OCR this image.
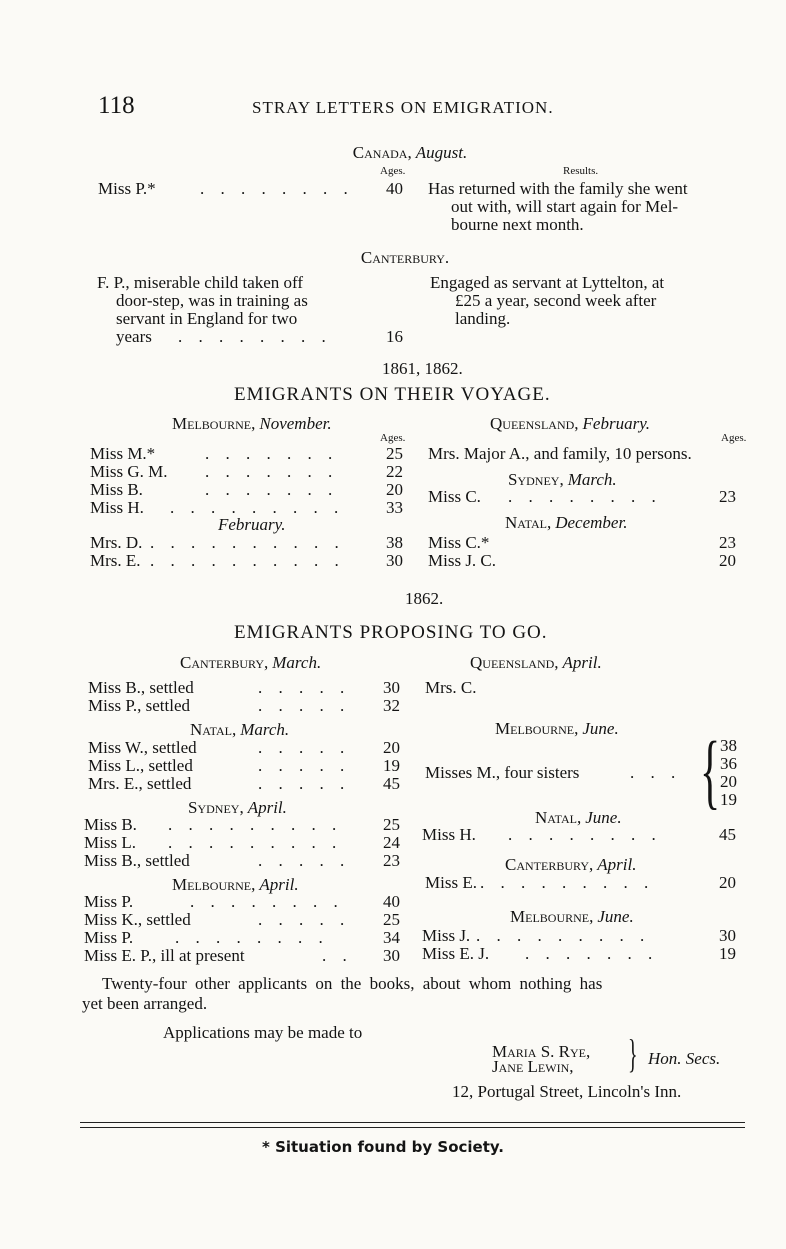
118	STRAY LETTERS ON EMIGRATION.
Canada, August.
Ages.	Results.
Miss P.*	. . . . . . . . 40 Has returned with the family she went
out with, will start again for Mel-
bourne next month.
Canterbury.
F. P., miserable child taken off
door-step, was in training as
servant in England for two
years . . . . . . . .	16
Engaged as servant at Lyttelton, at
£25 a year, second week after
landing.
1861, 1862.
EMIGRANTS ON THEIR VOYAGE.
Melbourne, November.
Ages.
Queensland, February.
Ages.
Miss M.*	. . . . . . .	25
Miss G. M. . . . . . . .	22
Miss B.	. . . . . . .	20
Miss H. . . . . . . . . . 33
February.
Mrs. D. . . . . . . . . . . 38
Mrs. E. . . . . . . . . . . 30
Mrs. Major A., and family, 10 persons.
Sydney, March.
Miss C. . . . . . . . .	23
Natal, December.
Miss C.*	23
Miss J. C.	20
1862.
EMIGRANTS PROPOSING TO GO.
Canterbury, March.
Miss B., settled	. . . . . 30
Miss P., settled	. . . . . 32
Natal, March.
Miss W., settled	. . . . . 20
Miss L., settled	. . . . . 19
Mrs. E., settled	. . . . . 45
Sydney, April.
Miss B. . . . . . . . . . 25
Miss L. . . . . . . . . . 24
Miss B., settled	. . . . . 23
Melbourne, April.
Miss P.	. . . . . . . . 40
Miss K., settled	. . . . . 25
Miss P. . . . . . . . .	34
Miss E. P., ill at present	. . 30
Queensland, April.
Mrs. C.
Melbourne, June.
Misses M., four sisters	. . . { 38
36
20
19
Natal, June.
Miss H. . . . . . . . .	45
Canterbury, April.
Miss E. . . . . . . . . .	20
Melbourne, June.
Miss J. . . . . . . . . .	30
Miss E. J. . . . . . . .	19
Twenty-four other applicants on the books, about whom nothing has
yet been arranged.
Applications may be made to
Maria S. Rye,
Jane Lewin, } Hon. Secs.
12, Portugal Street, Lincoln's Inn.
* Situation found by Society.
